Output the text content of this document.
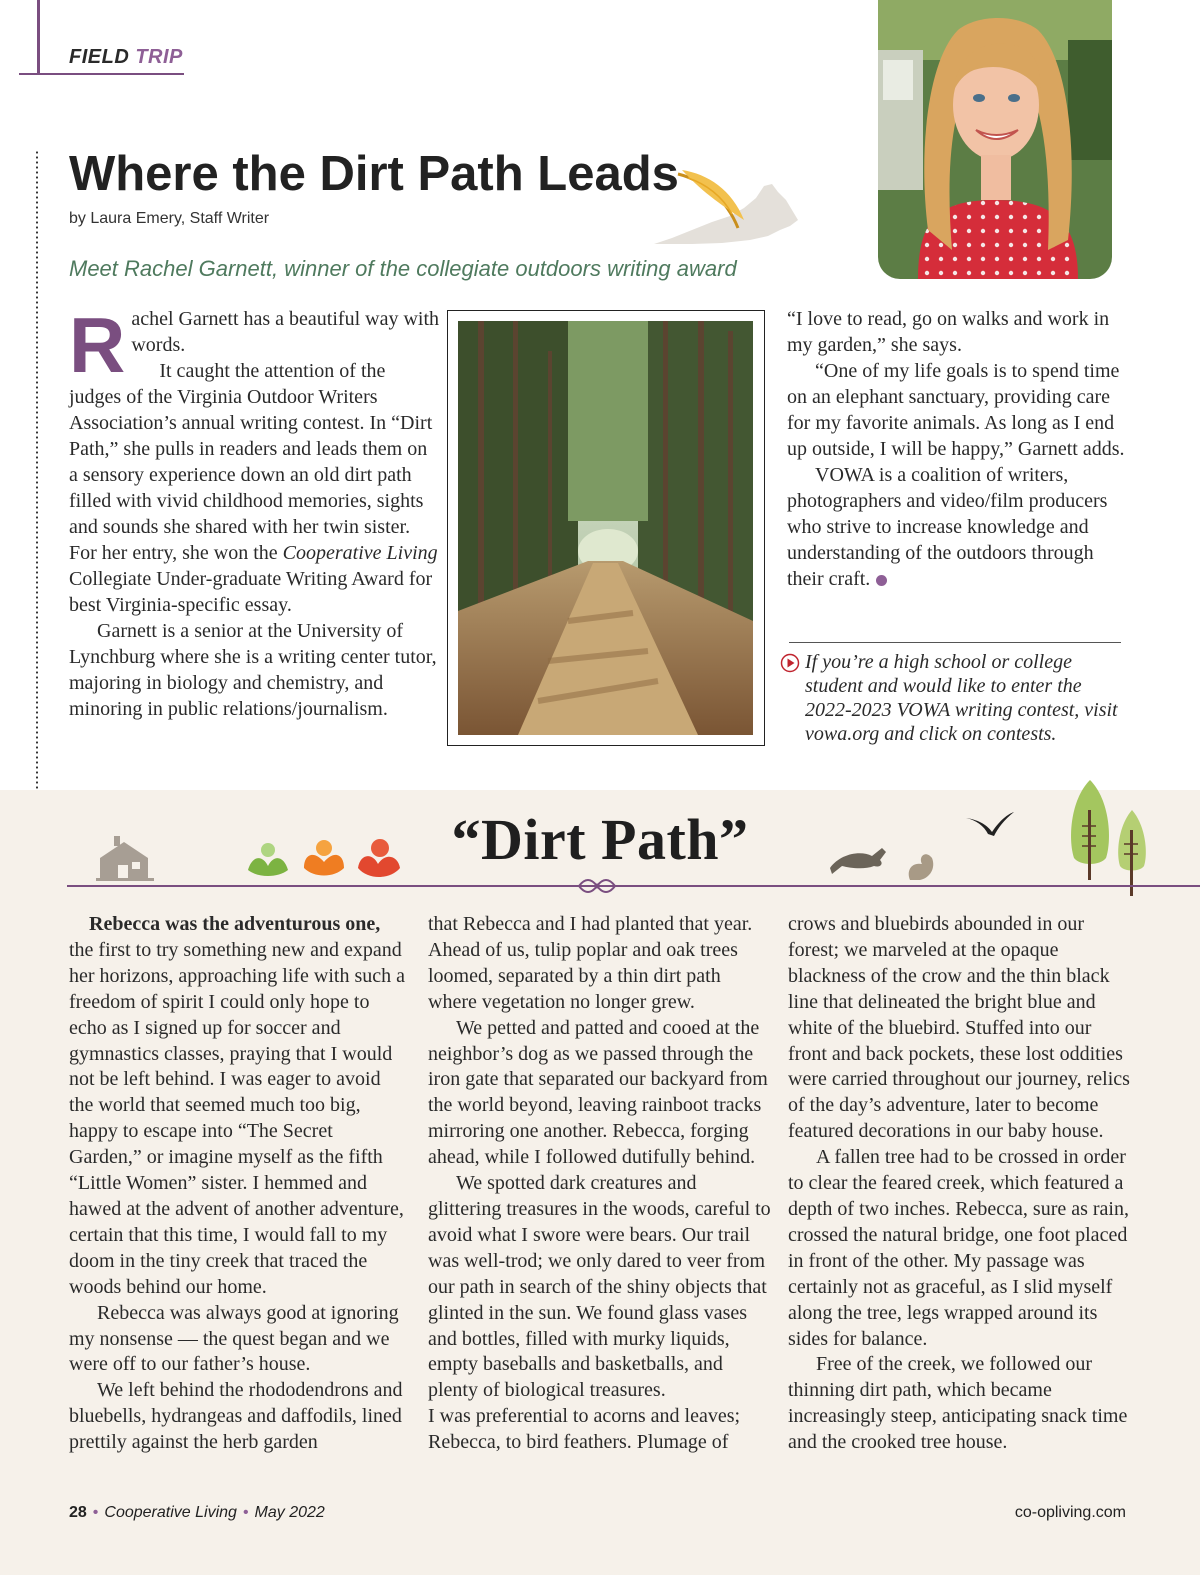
FIELD TRIP
Where the Dirt Path Leads
by Laura Emery, Staff Writer
Meet Rachel Garnett, winner of the collegiate outdoors writing award

Rachel Garnett has a beautiful way with words.

It caught the attention of the judges of the Virginia Outdoor Writers Association’s annual writing contest. In “Dirt Path,” she pulls in readers and leads them on a sensory experience down an old dirt path filled with vivid childhood memories, sights and sounds she shared with her twin sister. For her entry, she won the Cooperative Living Collegiate Under-graduate Writing Award for best Virginia-specific essay.

Garnett is a senior at the University of Lynchburg where she is a writing center tutor, majoring in biology and chemistry, and minoring in public relations/journalism.

“I love to read, go on walks and work in my garden,” she says.

“One of my life goals is to spend time on an elephant sanctuary, providing care for my favorite animals. As long as I end up outside, I will be happy,” Garnett adds.

VOWA is a coalition of writers, photographers and video/film producers who strive to increase knowledge and understanding of the outdoors through their craft.

If you’re a high school or college student and would like to enter the 2022-2023 VOWA writing contest, visit vowa.org and click on contests.
“Dirt Path”

  Rebecca was the adventurous one, the first to try something new and expand her horizons, approaching life with such a freedom of spirit I could only hope to echo as I signed up for soccer and gymnastics classes, praying that I would not be left behind. I was eager to avoid the world that seemed much too big, happy to escape into “The Secret Garden,” or imagine myself as the fifth “Little Women” sister. I hemmed and hawed at the advent of another adventure, certain that this time, I would fall to my doom in the tiny creek that traced the woods behind our home.

Rebecca was always good at ignoring my nonsense — the quest began and we were off to our father’s house.

We left behind the rhododendrons and bluebells, hydrangeas and daffodils, lined prettily against the herb garden

that Rebecca and I had planted that year. Ahead of us, tulip poplar and oak trees loomed, separated by a thin dirt path where vegetation no longer grew.

We petted and patted and cooed at the neighbor’s dog as we passed through the iron gate that separated our backyard from the world beyond, leaving rainboot tracks mirroring one another. Rebecca, forging ahead, while I followed dutifully behind.

We spotted dark creatures and glittering treasures in the woods, careful to avoid what I swore were bears. Our trail was well-trod; we only dared to veer from our path in search of the shiny objects that glinted in the sun. We found glass vases and bottles, filled with murky liquids, empty baseballs and basketballs, and plenty of biological treasures.

I was preferential to acorns and leaves; Rebecca, to bird feathers. Plumage of

crows and bluebirds abounded in our forest; we marveled at the opaque blackness of the crow and the thin black line that delineated the bright blue and white of the bluebird. Stuffed into our front and back pockets, these lost oddities were carried throughout our journey, relics of the day’s adventure, later to become featured decorations in our baby house.

A fallen tree had to be crossed in order to clear the feared creek, which featured a depth of two inches. Rebecca, sure as rain, crossed the natural bridge, one foot placed in front of the other. My passage was certainly not as graceful, as I slid myself along the tree, legs wrapped around its sides for balance.

Free of the creek, we followed our thinning dirt path, which became increasingly steep, anticipating snack time and the crooked tree house.

28 • Cooperative Living • May 2022	co-opliving.com
